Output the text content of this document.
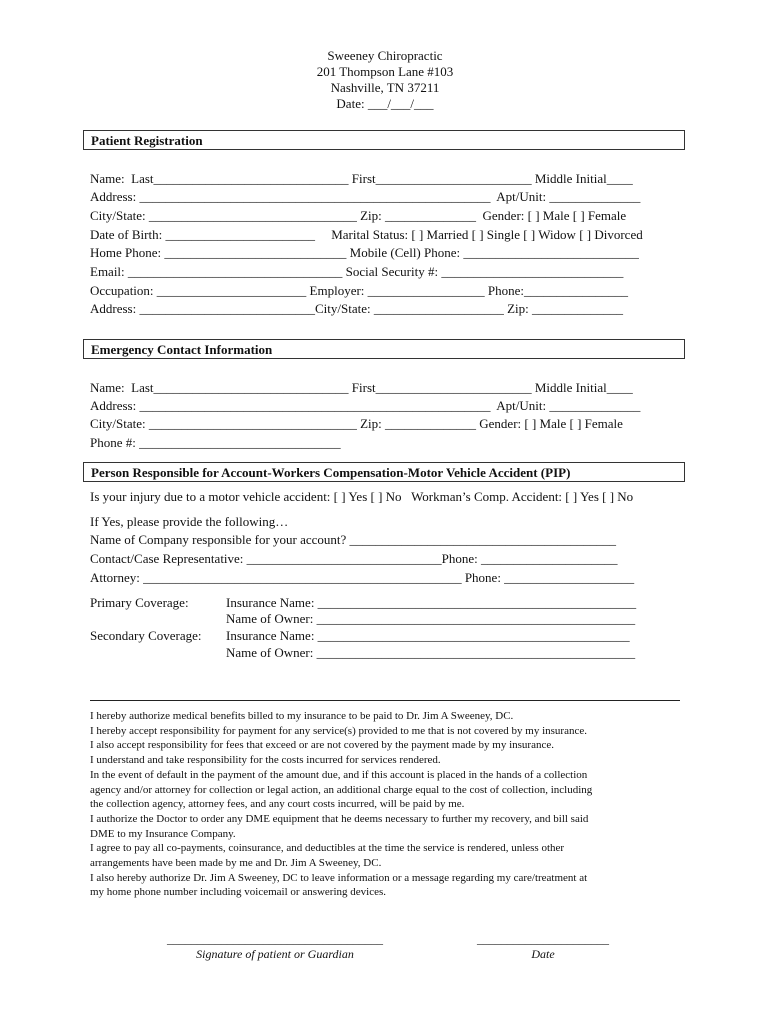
Sweeney Chiropractic
201 Thompson Lane #103
Nashville, TN 37211
Date: ___/___/___
Patient Registration
Name:  Last______________________________ First________________________ Middle Initial____
Address: ______________________________________________________  Apt/Unit: ______________
City/State: ________________________________ Zip: ______________  Gender: [ ] Male [ ] Female
Date of Birth: _______________________     Marital Status: [ ] Married [ ] Single [ ] Widow [ ] Divorced
Home Phone: ____________________________ Mobile (Cell) Phone: ___________________________
Email: _________________________________ Social Security #: ____________________________
Occupation: _______________________ Employer: __________________ Phone:________________
Address: ___________________________City/State: ____________________ Zip: ______________
Emergency Contact Information
Name:  Last______________________________ First________________________ Middle Initial____
Address: ______________________________________________________  Apt/Unit: ______________
City/State: ________________________________ Zip: ______________ Gender: [ ] Male [ ] Female
Phone #: _______________________________
Person Responsible for Account-Workers Compensation-Motor Vehicle Accident (PIP)
Is your injury due to a motor vehicle accident: [ ] Yes [ ] No   Workman’s Comp. Accident: [ ] Yes [ ] No
If Yes, please provide the following…
Name of Company responsible for your account? _________________________________________
Contact/Case Representative: ______________________________Phone: _____________________
Attorney: _________________________________________________ Phone: ____________________
Primary Coverage:	Insurance Name: _________________________________________________
Name of Owner: _________________________________________________
Secondary Coverage: Insurance Name: ________________________________________________
Name of Owner: _________________________________________________
I hereby authorize medical benefits billed to my insurance to be paid to Dr. Jim A Sweeney, DC.
I hereby accept responsibility for payment for any service(s) provided to me that is not covered by my insurance.
I also accept responsibility for fees that exceed or are not covered by the payment made by my insurance.
I understand and take responsibility for the costs incurred for services rendered.
In the event of default in the payment of the amount due, and if this account is placed in the hands of a collection
agency and/or attorney for collection or legal action, an additional charge equal to the cost of collection, including
the collection agency, attorney fees, and any court costs incurred, will be paid by me.
I authorize the Doctor to order any DME equipment that he deems necessary to further my recovery, and bill said
DME to my Insurance Company.
I agree to pay all co-payments, coinsurance, and deductibles at the time the service is rendered, unless other
arrangements have been made by me and Dr. Jim A Sweeney, DC.
I also hereby authorize Dr. Jim A Sweeney, DC to leave information or a message regarding my care/treatment at
my home phone number including voicemail or answering devices.
____________________________________
Signature of patient or Guardian
______________________
Date
